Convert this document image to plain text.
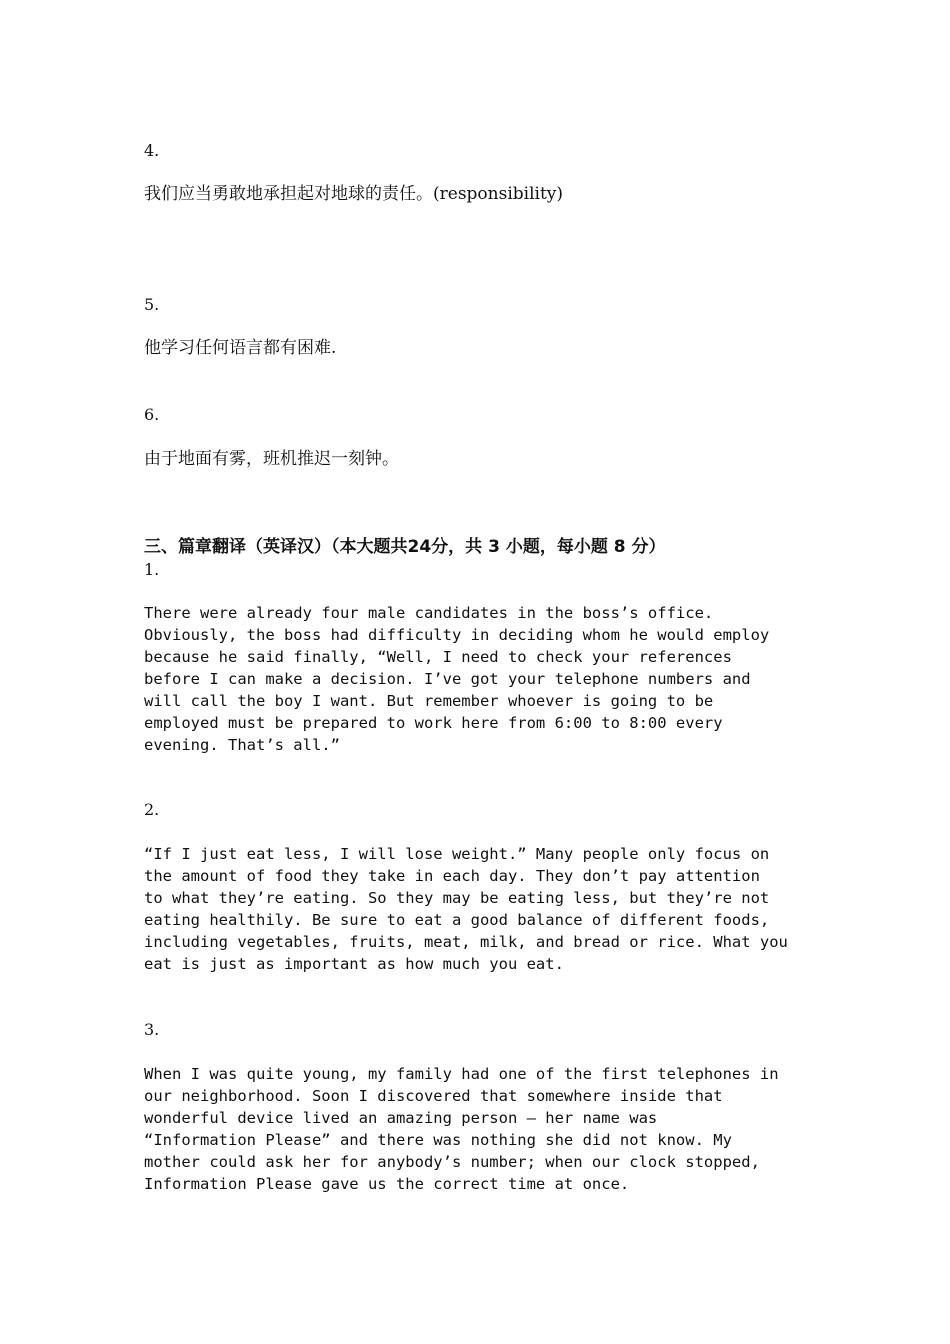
4.
我们应当勇敢地承担起对地球的责任。(responsibility)
5.
他学习任何语言都有困难.
6.
由于地面有雾，班机推迟一刻钟。
三、篇章翻译（英译汉）（本大题共24分，共 3 小题，每小题 8 分）
1.
There were already four male candidates in the boss’s office.
Obviously, the boss had difficulty in deciding whom he would employ
because he said finally, “Well, I need to check your references
before I can make a decision. I’ve got your telephone numbers and
will call the boy I want. But remember whoever is going to be
employed must be prepared to work here from 6:00 to 8:00 every
evening. That’s all.”
2.
“If I just eat less, I will lose weight.” Many people only focus on
the amount of food they take in each day. They don’t pay attention
to what they’re eating. So they may be eating less, but they’re not
eating healthily. Be sure to eat a good balance of different foods,
including vegetables, fruits, meat, milk, and bread or rice. What you
eat is just as important as how much you eat.
3.
When I was quite young, my family had one of the first telephones in
our neighborhood. Soon I discovered that somewhere inside that
wonderful device lived an amazing person — her name was
“Information Please” and there was nothing she did not know. My
mother could ask her for anybody’s number; when our clock stopped,
Information Please gave us the correct time at once.
